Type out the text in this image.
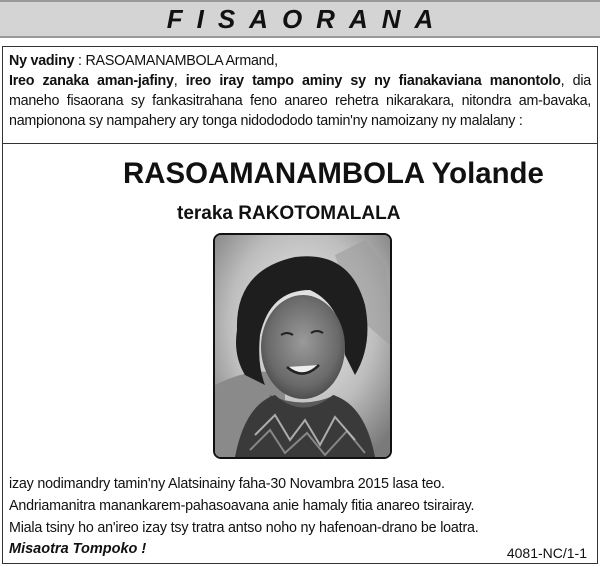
FISAORANA
Ny vadiny : RASOAMANAMBOLA Armand,
Ireo zanaka aman-jafiny, ireo iray tampo aminy sy ny fianakaviana manontolo, dia maneho fisaorana sy fankasitrahana feno anareo rehetra nikarakara, nitondra am-bavaka, nampionona sy nampahery ary tonga nidodododo tamin'ny namoizany ny malalany :
RASOAMANAMBOLA Yolande
teraka RAKOTOMALALA
izay nodimandry tamin'ny Alatsinainy faha-30 Novambra 2015 lasa teo.
Andriamanitra manankarem-pahasoavana anie hamaly fitia anareo tsirairay.
Miala tsiny ho an'ireo izay tsy tratra antso noho ny hafenoan-drano be loatra.
Misaotra Tompoko !	4081-NC/1-1
